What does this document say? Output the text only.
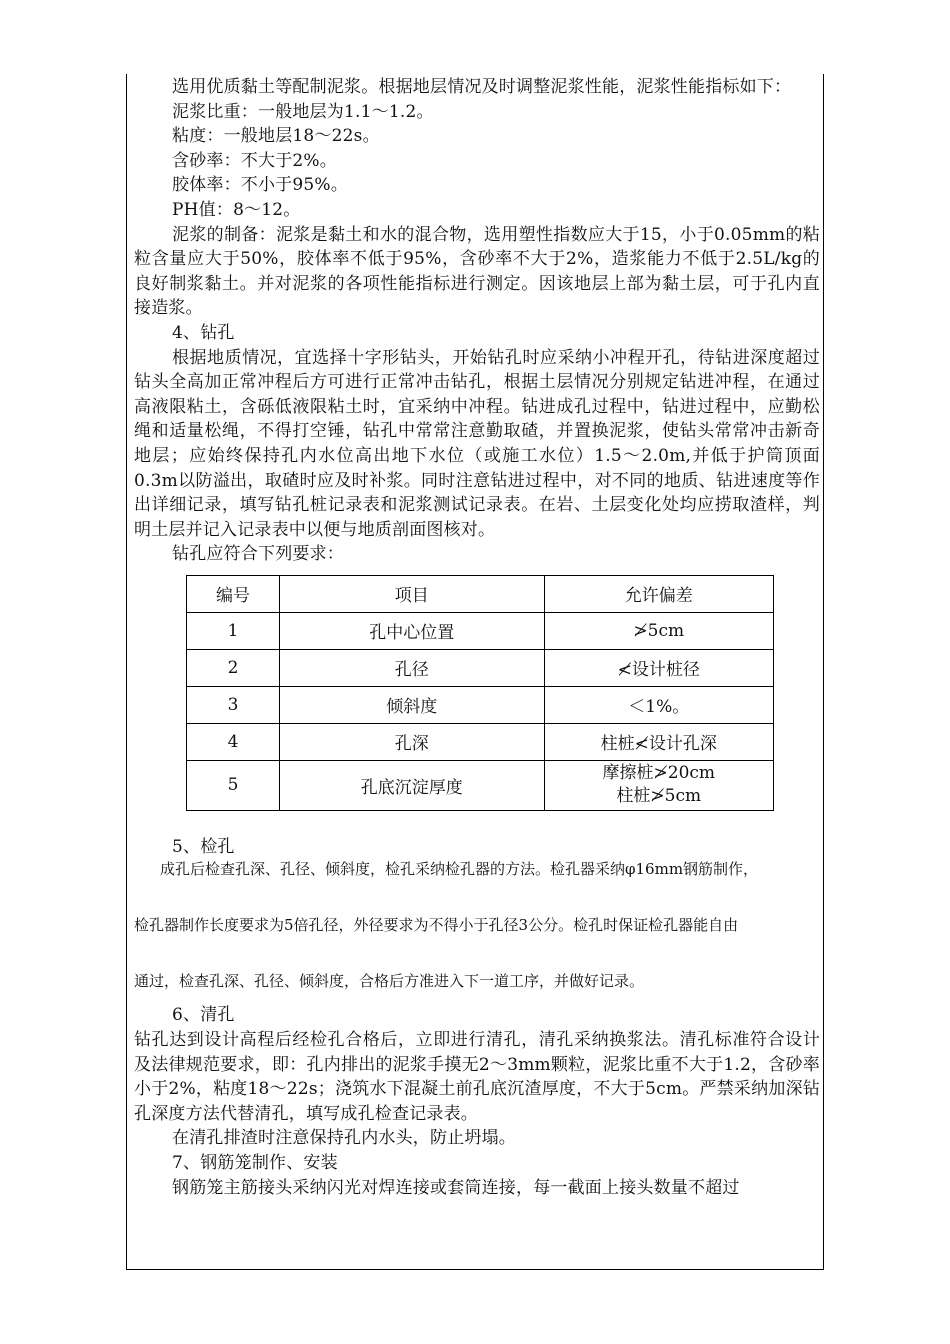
选用优质黏土等配制泥浆。根据地层情况及时调整泥浆性能，泥浆性能指标如下：

泥浆比重：一般地层为1.1～1.2。

粘度：一般地层18～22s。

含砂率：不大于2%。

胶体率：不小于95%。

PH值：8～12。

泥浆的制备：泥浆是黏土和水的混合物，选用塑性指数应大于15，小于0.05mm的粘粒含量应大于50%，胶体率不低于95%，含砂率不大于2%，造浆能力不低于2.5L/kg的良好制浆黏土。并对泥浆的各项性能指标进行测定。因该地层上部为黏土层，可于孔内直接造浆。

4、钻孔

根据地质情况，宜选择十字形钻头，开始钻孔时应采纳小冲程开孔，待钻进深度超过钻头全高加正常冲程后方可进行正常冲击钻孔，根据土层情况分别规定钻进冲程，在通过高液限粘土，含砾低液限粘土时，宜采纳中冲程。钻进成孔过程中，钻进过程中，应勤松绳和适量松绳，不得打空锤，钻孔中常常注意勤取碴，并置换泥浆，使钻头常常冲击新奇地层；应始终保持孔内水位高出地下水位（或施工水位）1.5～2.0m,并低于护筒顶面0.3m以防溢出，取碴时应及时补浆。同时注意钻进过程中，对不同的地质、钻进速度等作出详细记录，填写钻孔桩记录表和泥浆测试记录表。在岩、土层变化处均应捞取渣样，判明土层并记入记录表中以便与地质剖面图核对。

钻孔应符合下列要求：

编号	项目	允许偏差
1	孔中心位置	≯5cm
2	孔径	≮设计桩径
3	倾斜度	＜1%。
4	孔深	柱桩≮设计孔深
5	孔底沉淀厚度	摩擦桩≯20cm
柱桩≯5cm

5、检孔

成孔后检查孔深、孔径、倾斜度，检孔采纳检孔器的方法。检孔器采纳φ16mm钢筋制作，

检孔器制作长度要求为5倍孔径，外径要求为不得小于孔径3公分。检孔时保证检孔器能自由

通过，检查孔深、孔径、倾斜度，合格后方准进入下一道工序，并做好记录。

6、清孔

钻孔达到设计高程后经检孔合格后，立即进行清孔，清孔采纳换浆法。清孔标准符合设计及法律规范要求，即：孔内排出的泥浆手摸无2～3mm颗粒，泥浆比重不大于1.2，含砂率小于2%，粘度18～22s；浇筑水下混凝土前孔底沉渣厚度，不大于5cm。严禁采纳加深钻孔深度方法代替清孔，填写成孔检查记录表。

在清孔排渣时注意保持孔内水头，防止坍塌。

7、钢筋笼制作、安装

钢筋笼主筋接头采纳闪光对焊连接或套筒连接，每一截面上接头数量不超过
